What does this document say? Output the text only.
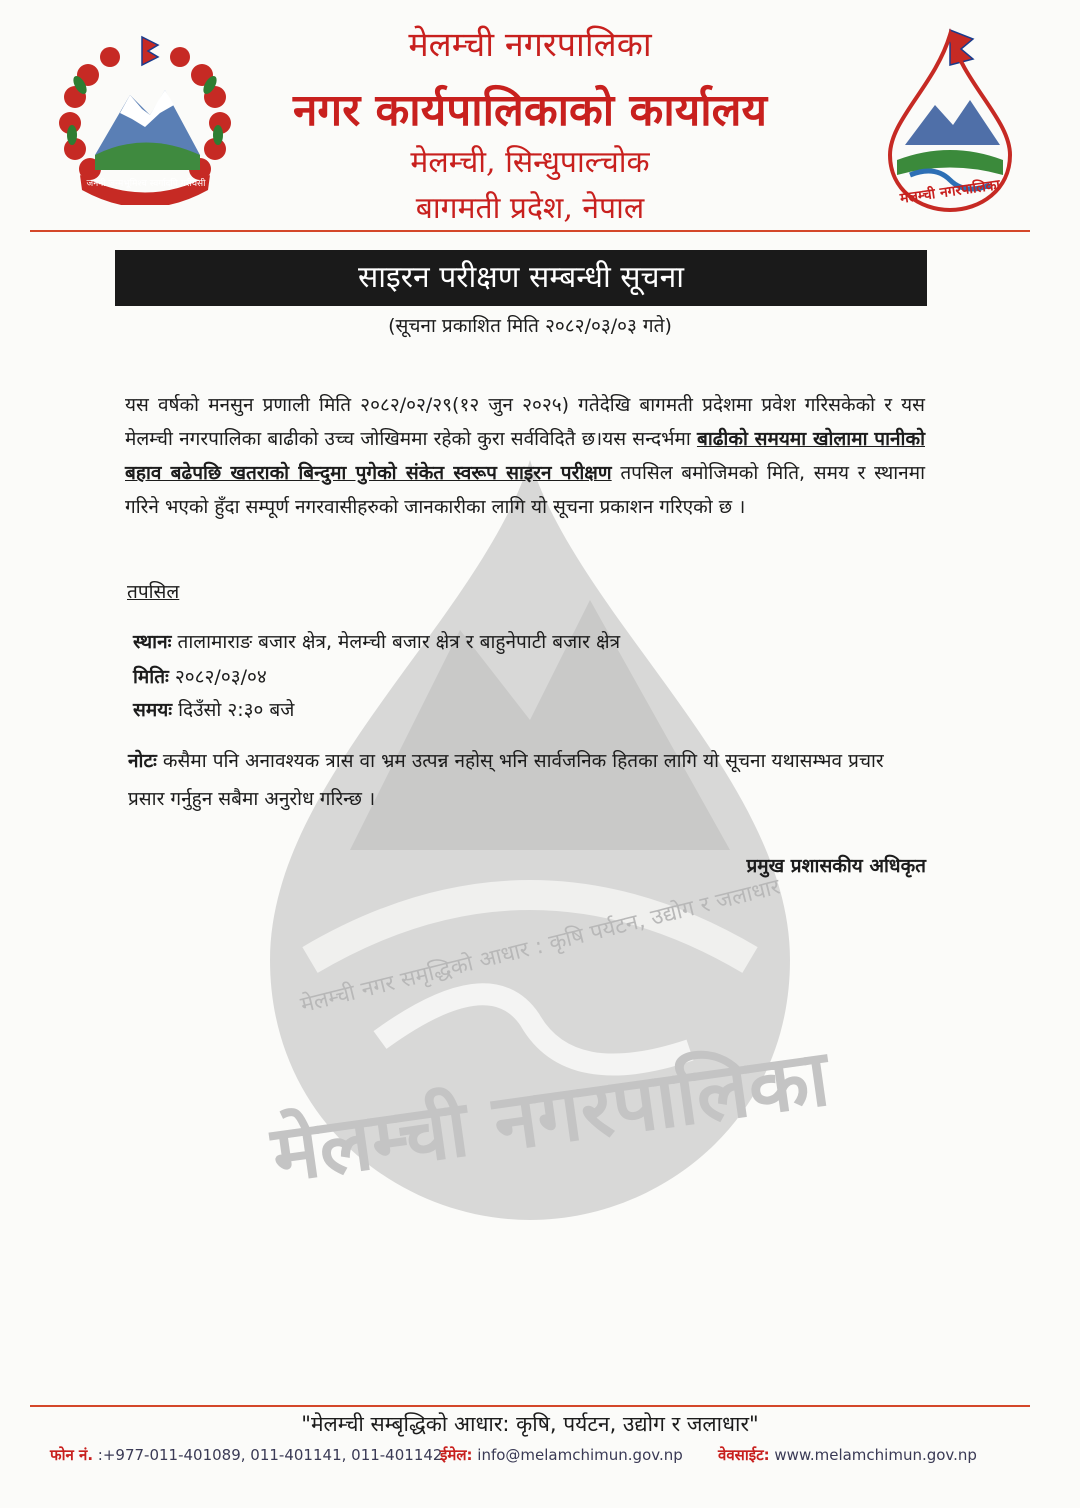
मेलम्ची नगरपालिका
नगर कार्यपालिकाको कार्यालय
मेलम्ची, सिन्धुपाल्चोक
बागमती प्रदेश, नेपाल
जननी जन्मभूमिश्च स्वर्गादपि गरीयसी	मेलम्ची नगरपालिका
मेलम्ची नगर समृद्धिको आधार : कृषि पर्यटन, उद्योग र जलाधार
मेलम्ची नगरपालिका
साइरन परीक्षण सम्बन्धी सूचना
(सूचना प्रकाशित मिति २०८२/०३/०३ गते)
यस वर्षको मनसुन प्रणाली मिति २०८२/०२/२९(१२ जुन २०२५) गतेदेखि बागमती प्रदेशमा प्रवेश गरिसकेको र यस मेलम्ची नगरपालिका बाढीको उच्च जोखिममा रहेको कुरा सर्वविदितै छ।यस सन्दर्भमा बाढीको समयमा खोलामा पानीको बहाव बढेपछि खतराको बिन्दुमा पुगेको संकेत स्वरूप साइरन परीक्षण तपसिल बमोजिमको मिति, समय र स्थानमा गरिने भएको हुँदा सम्पूर्ण नगरवासीहरुको जानकारीका लागि यो सूचना प्रकाशन गरिएको छ ।
तपसिल
स्थानः तालामाराङ बजार क्षेत्र, मेलम्ची बजार क्षेत्र र बाहुनेपाटी बजार क्षेत्र
मितिः २०८२/०३/०४
समयः दिउँसो २:३० बजे
नोटः कसैमा पनि अनावश्यक त्रास वा भ्रम उत्पन्न नहोस् भनि सार्वजनिक हितका लागि यो सूचना यथासम्भव प्रचार प्रसार गर्नुहुन सबैमा अनुरोध गरिन्छ ।
प्रमुख प्रशासकीय अधिकृत
"मेलम्ची सम्बृद्धिको आधार: कृषि, पर्यटन, उद्योग र जलाधार"
फोन नं. :+977-011-401089, 011-401141, 011-401142
ईमेल: info@melamchimun.gov.np वेवसाईट: www.melamchimun.gov.np
